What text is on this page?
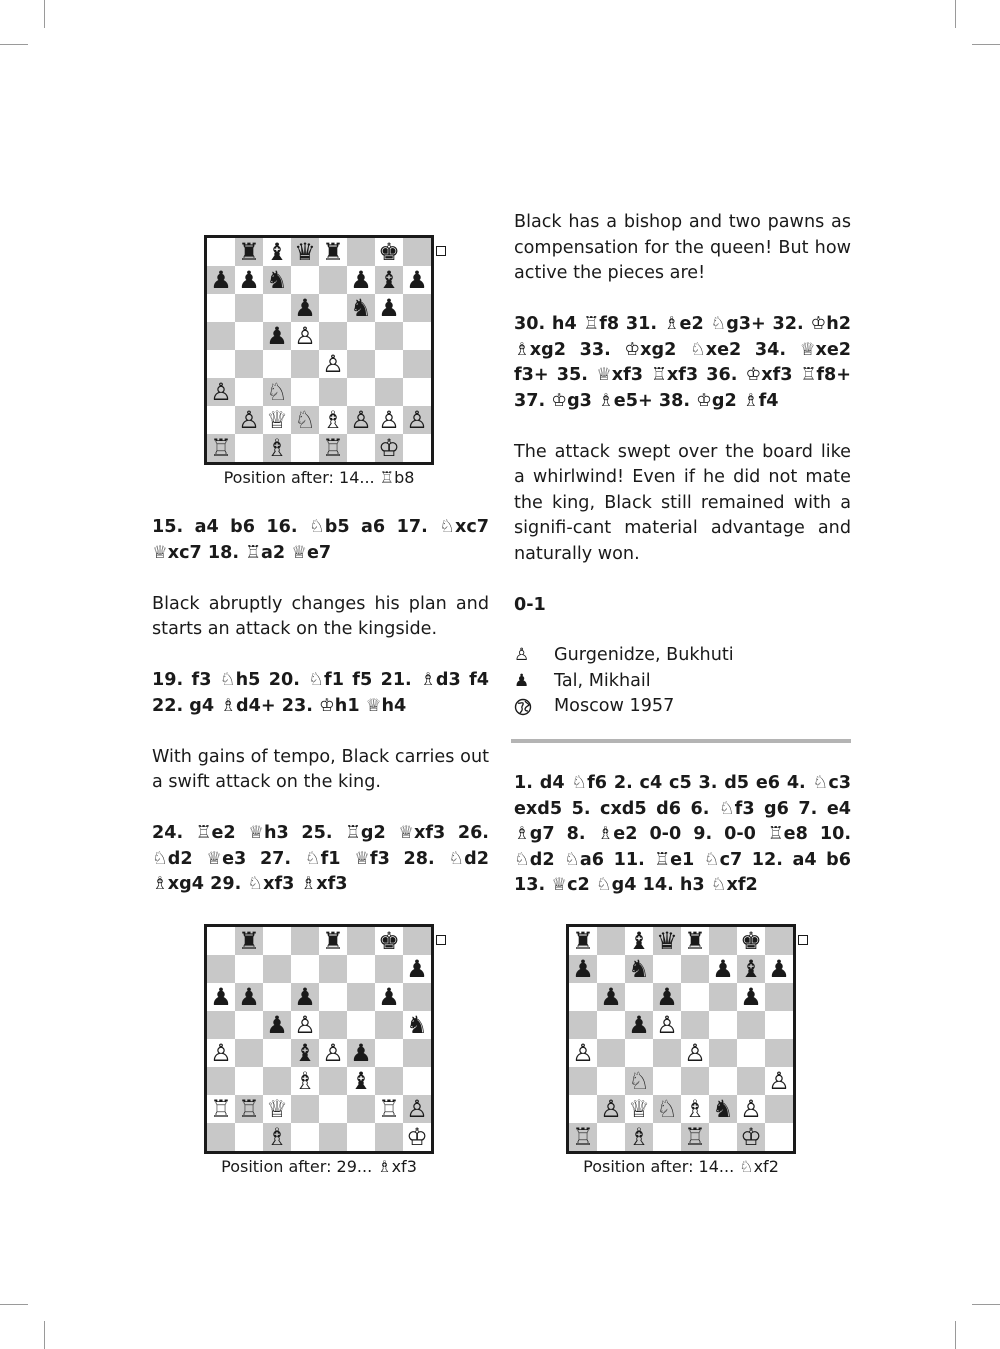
♜ ♝ ♛ ♜ ♚
♟ ♟ ♞	♟ ♝ ♟
♟ ♞ ♟
♟ ♙
♙
♙ ♘
♙ ♕ ♘ ♗ ♙ ♙ ♙
♖ ♗ ♖ ♔
Position after: 14... ♖b8

15. a4 b6 16. ♘b5 a6 17. ♘xc7 ♕xc7 18. ♖a2 ♕e7

Black abruptly changes his plan and starts an attack on the kingside.

19. f3 ♘h5 20. ♘f1 f5 21. ♗d3 f4 22. g4 ♗d4+ 23. ♔h1 ♕h4

With gains of tempo, Black carries out a swift attack on the king.

24. ♖e2 ♕h3 25. ♖g2 ♕xf3 26. ♘d2 ♕e3 27. ♘f1 ♕f3 28. ♘d2 ♗xg4 29. ♘xf3 ♗xf3

♜	♜ ♚
♟
♟ ♟ ♟	♟
♟ ♙	♞
♙	♝ ♙ ♟
♗ ♝
♖ ♖ ♕	♖ ♙
♗	♔
Position after: 29... ♗xf3

Black has a bishop and two pawns as compensation for the queen! But how active the pieces are!

30. h4 ♖f8 31. ♗e2 ♘g3+ 32. ♔h2 ♗xg2 33. ♔xg2 ♘xe2 34. ♕xe2 f3+ 35. ♕xf3 ♖xf3 36. ♔xf3 ♖f8+ 37. ♔g3 ♗e5+ 38. ♔g2 ♗f4

The attack swept over the board like a whirlwind! Even if he did not mate the king, Black still remained with a signifi-cant material advantage and naturally won.

0-1

♙	Gurgenidze, Bukhuti
♟	Tal, Mikhail
Moscow 1957

1. d4 ♘f6 2. c4 c5 3. d5 e6 4. ♘c3 exd5 5. cxd5 d6 6. ♘f3 g6 7. e4 ♗g7 8. ♗e2 0-0 9. 0-0 ♖e8 10. ♘d2 ♘a6 11. ♖e1 ♘c7 12. a4 b6 13. ♕c2 ♘g4 14. h3 ♘xf2

♜ ♝ ♛ ♜ ♚
♟ ♞	♟ ♝ ♟
♟ ♟	♟
♟ ♙
♙	♙
♘	♙
♙ ♕ ♘ ♗ ♞ ♙
♖ ♗ ♖ ♔
Position after: 14... ♘xf2
